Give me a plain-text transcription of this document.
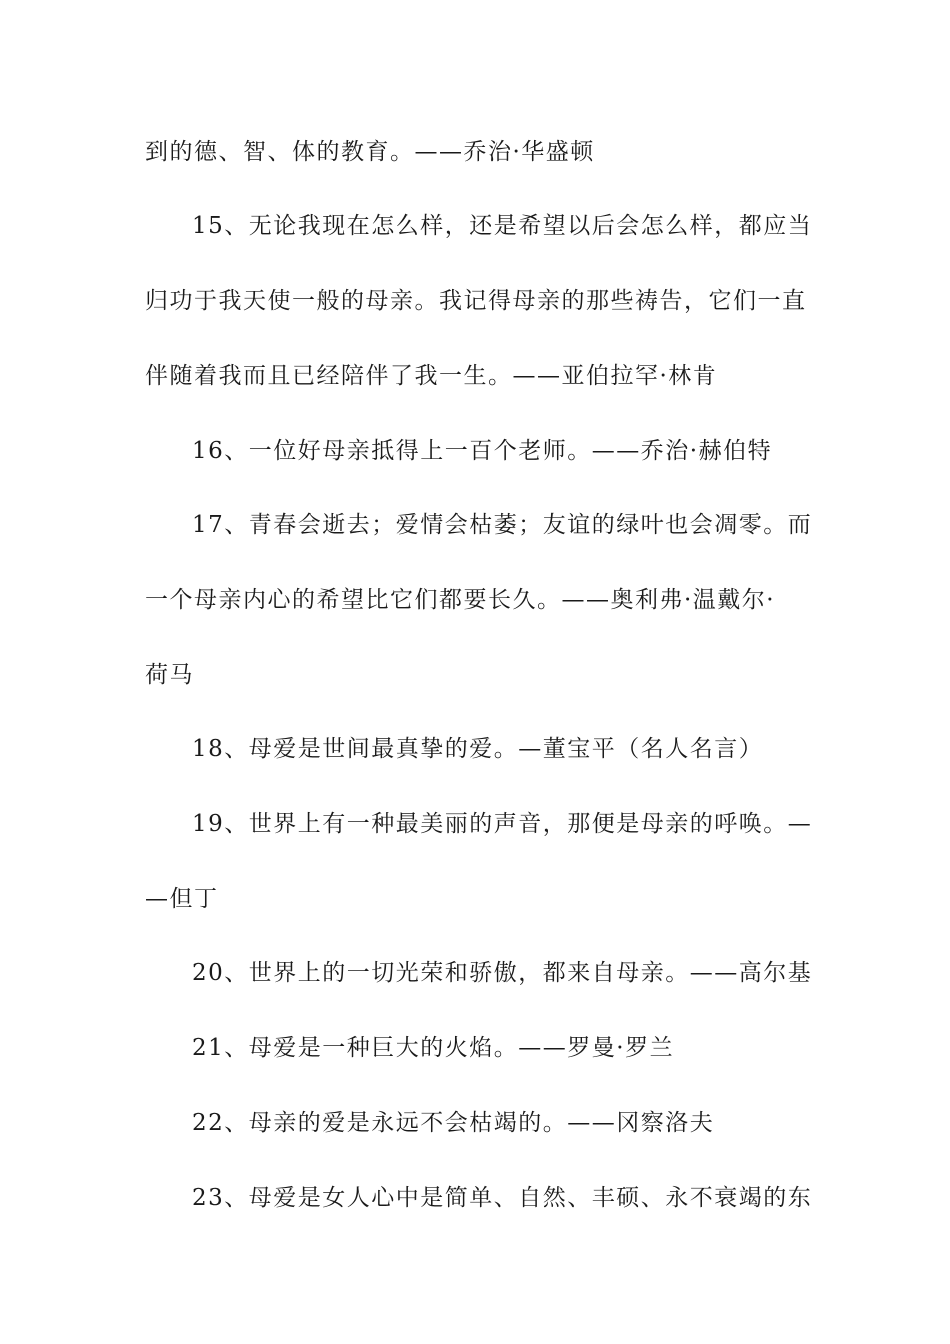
到的德、智、体的教育。——乔治·华盛顿
15、无论我现在怎么样，还是希望以后会怎么样，都应当
归功于我天使一般的母亲。我记得母亲的那些祷告，它们一直
伴随着我而且已经陪伴了我一生。——亚伯拉罕·林肯
16、一位好母亲抵得上一百个老师。——乔治·赫伯特
17、青春会逝去；爱情会枯萎；友谊的绿叶也会凋零。而
一个母亲内心的希望比它们都要长久。——奥利弗·温戴尔·
荷马
18、母爱是世间最真挚的爱。—董宝平（名人名言）
19、世界上有一种最美丽的声音，那便是母亲的呼唤。—
—但丁
20、世界上的一切光荣和骄傲，都来自母亲。——高尔基
21、母爱是一种巨大的火焰。——罗曼·罗兰
22、母亲的爱是永远不会枯竭的。——冈察洛夫
23、母爱是女人心中是简单、自然、丰硕、永不衰竭的东
